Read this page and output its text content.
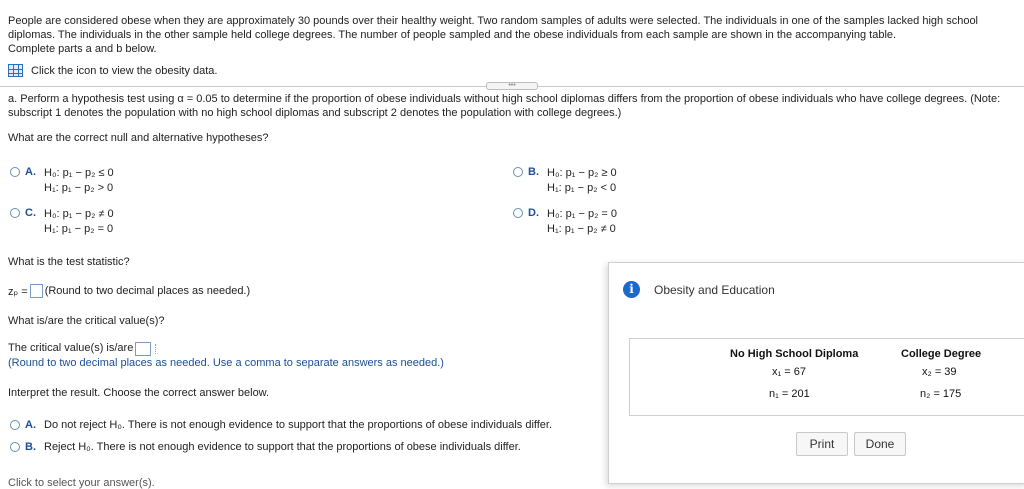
People are considered obese when they are approximately 30 pounds over their healthy weight. Two random samples of adults were selected. The individuals in one of the samples lacked high school diplomas. The individuals in the other sample held college degrees. The number of people sampled and the obese individuals from each sample are shown in the accompanying table.
Complete parts a and b below.
Click the icon to view the obesity data.
•••
a. Perform a hypothesis test using α = 0.05 to determine if the proportion of obese individuals without high school diplomas differs from the proportion of obese individuals who have college degrees. (Note: subscript 1 denotes the population with no high school diplomas and subscript 2 denotes the population with college degrees.)
What are the correct null and alternative hypotheses?
A. H₀: p₁ − p₂ ≤ 0
H₁: p₁ − p₂ > 0
B. H₀: p₁ − p₂ ≥ 0
H₁: p₁ − p₂ < 0
C. H₀: p₁ − p₂ ≠ 0
H₁: p₁ − p₂ = 0
D. H₀: p₁ − p₂ = 0
H₁: p₁ − p₂ ≠ 0
What is the test statistic?
zₚ = (Round to two decimal places as needed.)
What is/are the critical value(s)?
The critical value(s) is/are
(Round to two decimal places as needed. Use a comma to separate answers as needed.)
Interpret the result. Choose the correct answer below.
A. Do not reject H₀. There is not enough evidence to support that the proportions of obese individuals differ.
B. Reject H₀. There is not enough evidence to support that the proportions of obese individuals differ.
Click to select your answer(s).
i	Obesity and Education
No High School Diploma	College Degree
x₁ = 67	x₂ = 39
n₁ = 201	n₂ = 175
Print	Done
